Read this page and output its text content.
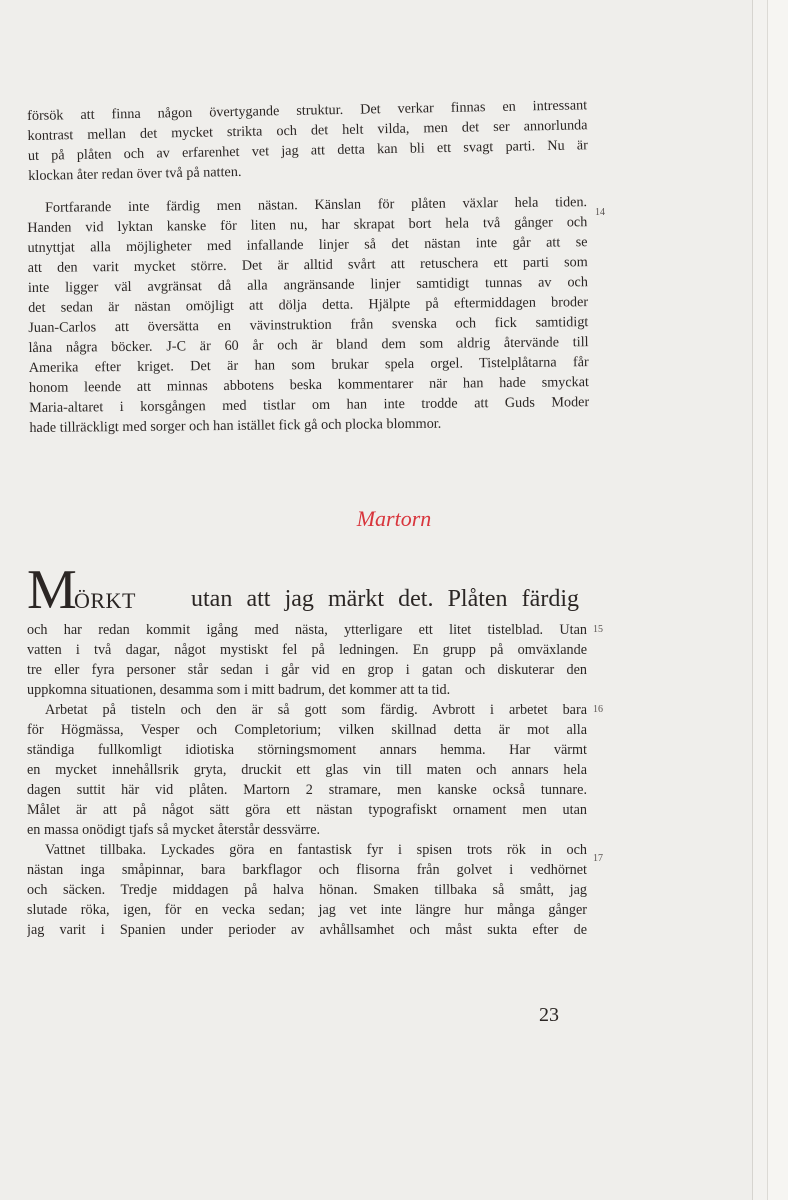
försök att finna någon övertygande struktur. Det verkar finnas en intressant
kontrast mellan det mycket strikta och det helt vilda, men det ser annorlunda
ut på plåten och av erfarenhet vet jag att detta kan bli ett svagt parti. Nu är
klockan åter redan över två på natten.
Fortfarande inte färdig men nästan. Känslan för plåten växlar hela tiden.
Handen vid lyktan kanske för liten nu, har skrapat bort hela två gånger och
utnyttjat alla möjligheter med infallande linjer så det nästan inte går att se
att den varit mycket större. Det är alltid svårt att retuschera ett parti som
inte ligger väl avgränsat då alla angränsande linjer samtidigt tunnas av och
det sedan är nästan omöjligt att dölja detta. Hjälpte på eftermiddagen broder
Juan-Carlos att översätta en vävinstruktion från svenska och fick samtidigt
låna några böcker. J-C är 60 år och är bland dem som aldrig återvände till
Amerika efter kriget. Det är han som brukar spela orgel. Tistelplåtarna får
honom leende att minnas abbotens beska kommentarer när han hade smyckat
Maria-altaret i korsgången med tistlar om han inte trodde att Guds Moder
hade tillräckligt med sorger och han istället fick gå och plocka blommor.
14
Martorn
M
ÖRKT utan att jag märkt det. Plåten färdig
och har redan kommit igång med nästa, ytterligare ett litet tistelblad. Utan
vatten i två dagar, något mystiskt fel på ledningen. En grupp på omväxlande
tre eller fyra personer står sedan i går vid en grop i gatan och diskuterar den
uppkomna situationen, desamma som i mitt badrum, det kommer att ta tid.
Arbetat på tisteln och den är så gott som färdig. Avbrott i arbetet bara
för Högmässa, Vesper och Completorium; vilken skillnad detta är mot alla
ständiga fullkomligt idiotiska störningsmoment annars hemma. Har värmt
en mycket innehållsrik gryta, druckit ett glas vin till maten och annars hela
dagen suttit här vid plåten. Martorn 2 stramare, men kanske också tunnare.
Målet är att på något sätt göra ett nästan typografiskt ornament men utan
en massa onödigt tjafs så mycket återstår dessvärre.
Vattnet tillbaka. Lyckades göra en fantastisk fyr i spisen trots rök in och
nästan inga småpinnar, bara barkflagor och flisorna från golvet i vedhörnet
och säcken. Tredje middagen på halva hönan. Smaken tillbaka så smått, jag
slutade röka, igen, för en vecka sedan; jag vet inte längre hur många gånger
jag varit i Spanien under perioder av avhållsamhet och måst sukta efter de
15
16
17
23
